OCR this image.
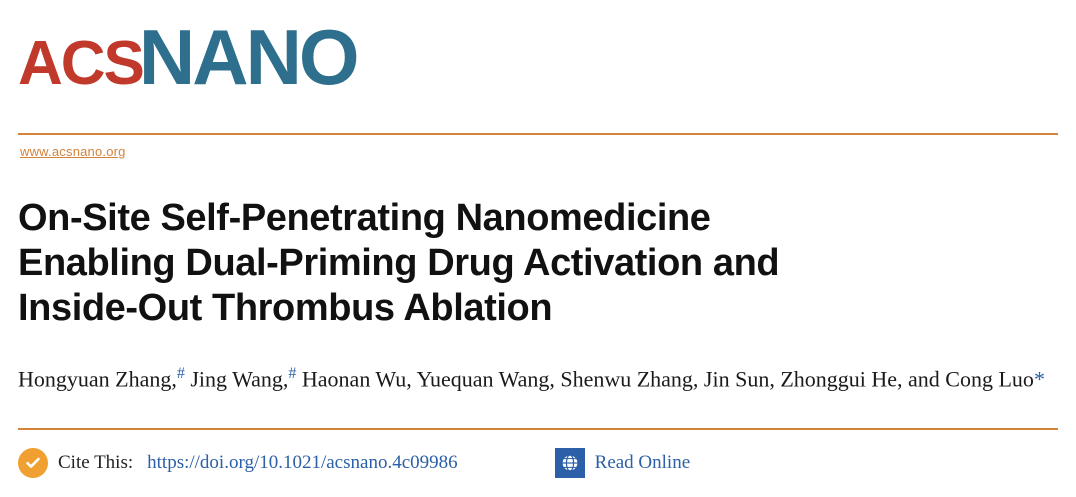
ACS
NANO
www.acsnano.org
On-Site Self-Penetrating Nanomedicine
Enabling Dual-Priming Drug Activation and
Inside-Out Thrombus Ablation
Hongyuan Zhang,# Jing Wang,# Haonan Wu, Yuequan Wang, Shenwu Zhang, Jin Sun, Zhonggui He, and Cong Luo*
Cite This: https://doi.org/10.1021/acsnano.4c09986	Read Online
